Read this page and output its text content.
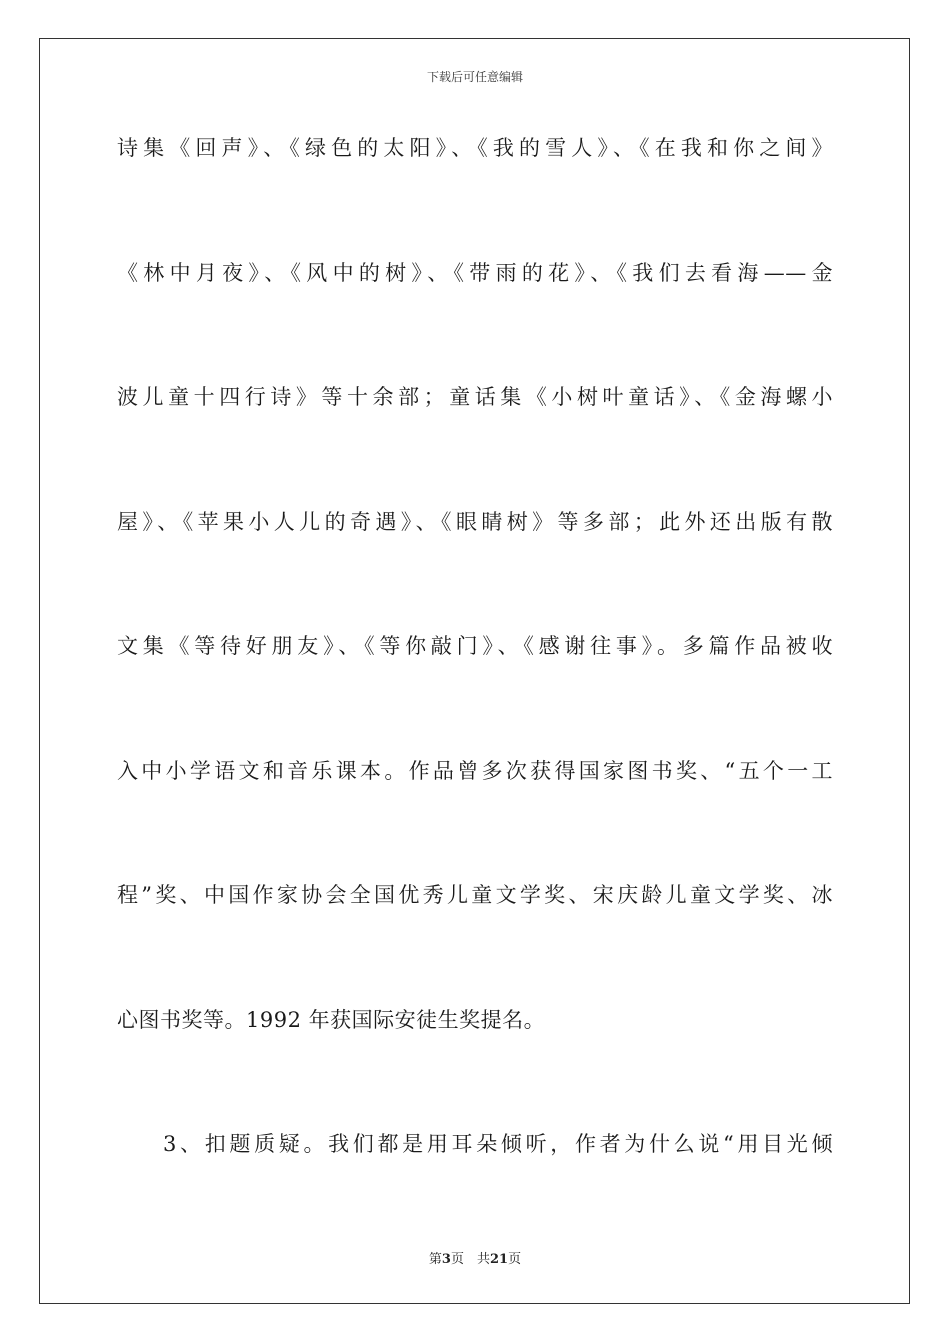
下载后可任意编辑
诗集《回声》、《绿色的太阳》、《我的雪人》、《在我和你之间》
《林中月夜》、《风中的树》、《带雨的花》、《我们去看海——金
波儿童十四行诗》等十余部；童话集《小树叶童话》、《金海螺小
屋》、《苹果小人儿的奇遇》、《眼睛树》等多部；此外还出版有散
文集《等待好朋友》、《等你敲门》、《感谢往事》。多篇作品被收
入中小学语文和音乐课本。作品曾多次获得国家图书奖、“五个一工
程”奖、中国作家协会全国优秀儿童文学奖、宋庆龄儿童文学奖、冰
心图书奖等。1992 年获国际安徒生奖提名。
3、扣题质疑。我们都是用耳朵倾听，作者为什么说“用目光倾
第3页　共21页
